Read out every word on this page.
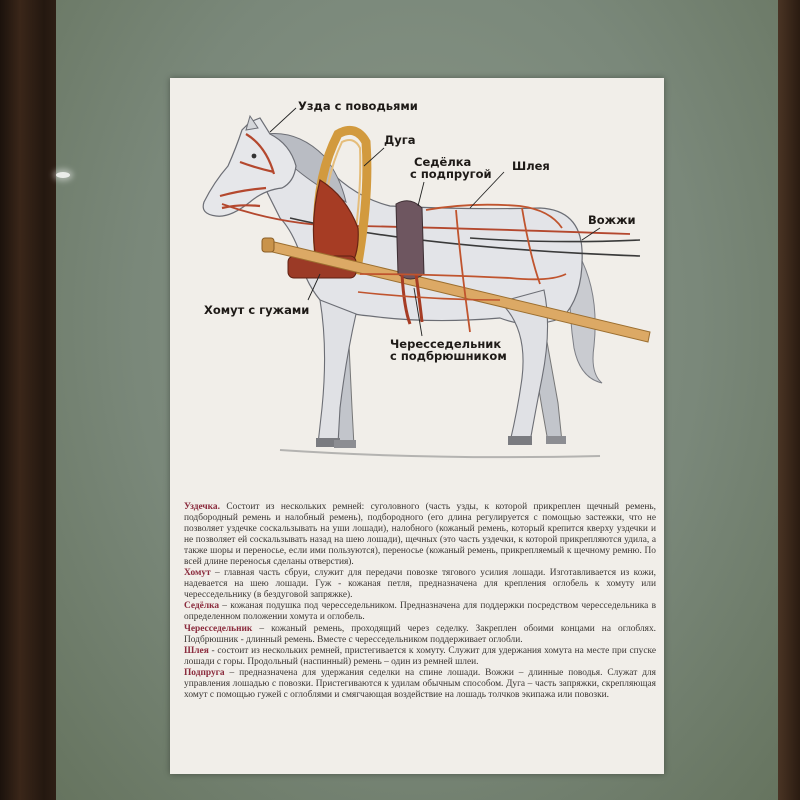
Узда с поводьями
Дуга
Седёлка
с подпругой
Шлея
Вожжи
Хомут с гужами
Чересседельник
с подбрюшником

Уздечка. Состоит из нескольких ремней: суголовного (часть узды, к которой прикреплен щечный ремень, подбородный ремень и налобный ремень), подбородного (его длина регулируется с помощью застежки, что не позволяет уздечке соскальзывать на уши лошади), налобного (кожаный ремень, который крепится кверху уздечки и не позволяет ей соскальзывать назад на шею лошади), щечных (это часть уздечки, к которой прикрепляются удила, а также шоры и переносье, если ими пользуются), переносье (кожаный ремень, прикрепляемый к щечному ремню. По всей длине переносья сделаны отверстия).

Хомут – главная часть сбруи, служит для передачи повозке тягового усилия лошади. Изготавливается из кожи, надевается на шею лошади. Гуж - кожаная петля, предназначена для крепления оглобель к хомуту или чересседельнику (в бездуговой запряжке).

Седёлка – кожаная подушка под чересседельником. Предназначена для поддержки посредством чересседельника в определенном положении хомута и оглобель.

Чересседельник – кожаный ремень, проходящий через седелку. Закреплен обоими концами на оглоблях. Подбрюшник - длинный ремень. Вместе с чересседельником поддерживает оглобли.

Шлея - состоит из нескольких ремней, пристегивается к хомуту. Служит для удержания хомута на месте при спуске лошади с горы. Продольный (наспинный) ремень – один из ремней шлеи.

Подпруга – предназначена для удержания седелки на спине лошади. Вожжи – длинные поводья. Служат для управления лошадью с повозки. Пристегиваются к удилам обычным способом. Дуга – часть запряжки, скрепляющая хомут с помощью гужей с оглоблями и смягчающая воздействие на лошадь толчков экипажа или повозки.
